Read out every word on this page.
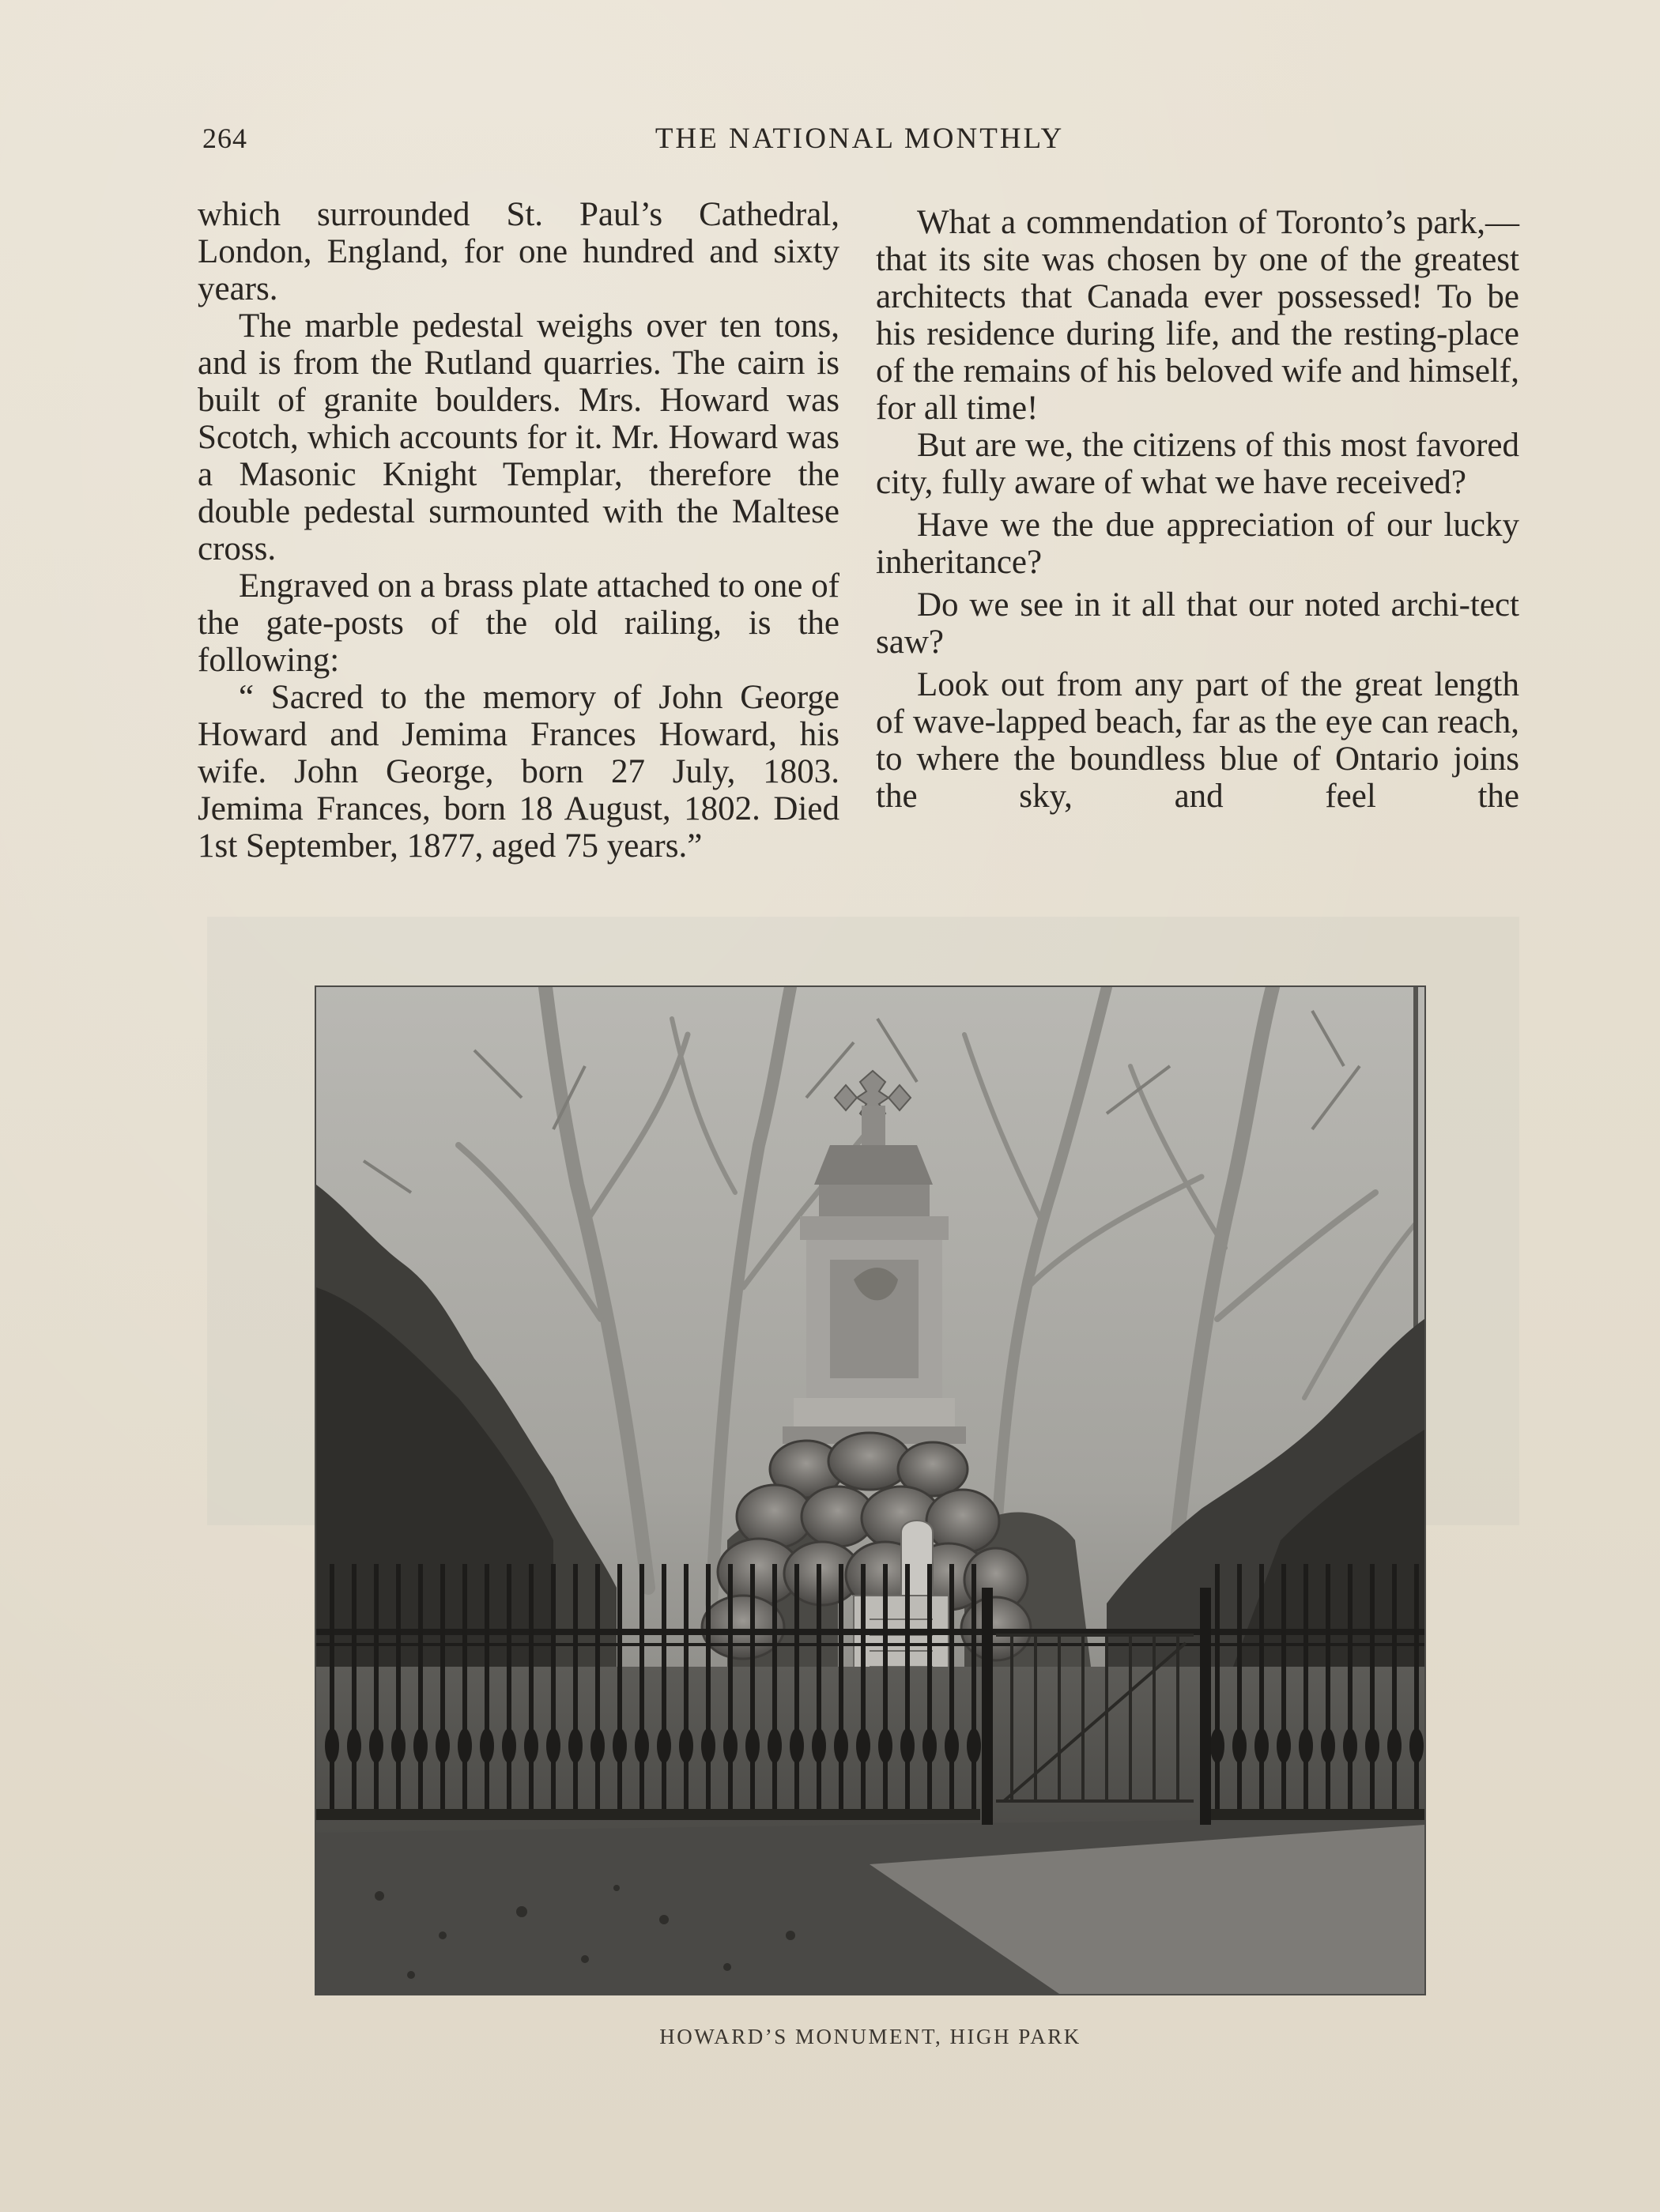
264	THE NATIONAL MONTHLY

which surrounded St. Paul’s Cathedral, London, England, for one hundred and sixty years.

The marble pedestal weighs over ten tons, and is from the Rutland quarries. The cairn is built of granite boulders. Mrs. Howard was Scotch, which accounts for it. Mr. Howard was a Masonic Knight Templar, therefore the double pedestal surmounted with the Maltese cross.

Engraved on a brass plate attached to one of the gate-posts of the old railing, is the following:

“ Sacred to the memory of John George Howard and Jemima Frances Howard, his wife. John George, born 27 July, 1803. Jemima Frances, born 18 August, 1802. Died 1st September, 1877, aged 75 years.”

What a commendation of Toronto’s park,—that its site was chosen by one of the greatest architects that Canada ever possessed! To be his residence during life, and the resting-place of the remains of his beloved wife and himself, for all time!

But are we, the citizens of this most favored city, fully aware of what we have received?

Have we the due appreciation of our lucky inheritance?

Do we see in it all that our noted archi-tect saw?

Look out from any part of the great length of wave-lapped beach, far as the eye can reach, to where the boundless blue of Ontario joins the sky, and feel the

HOWARD’S MONUMENT, HIGH PARK
